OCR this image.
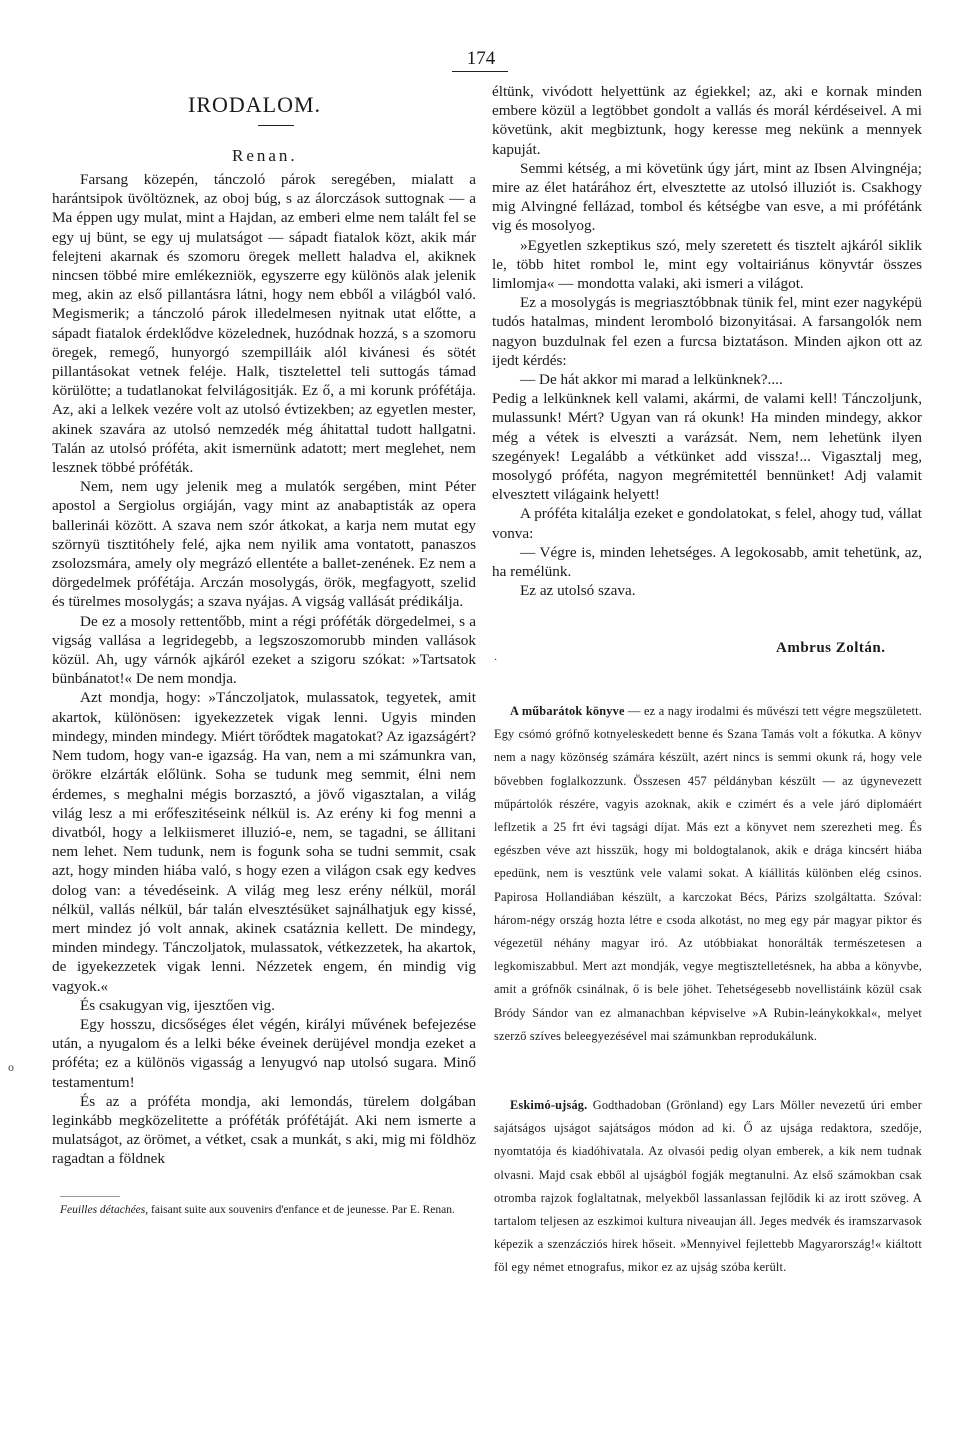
174
IRODALOM.
Renan.

Farsang közepén, tánczoló párok seregében, mialatt a harántsipok üvöltöznek, az oboj búg, s az álorczások suttognak — a Ma éppen ugy mulat, mint a Hajdan, az emberi elme nem talált fel se egy uj bünt, se egy uj mulatságot — sápadt fiatalok közt, akik már felejteni akarnak és szomoru öregek mellett haladva el, akiknek nincsen többé mire emlékezniök, egyszerre egy különös alak jelenik meg, akin az első pillantásra látni, hogy nem ebből a világból való. Megismerik; a tánczoló párok illedelmesen nyitnak utat előtte, a sápadt fiatalok érdeklődve közelednek, huzódnak hozzá, s a szomoru öregek, remegő, hunyorgó szempilláik alól kivánesi és sötét pillantásokat vetnek feléje. Halk, tisztelettel teli suttogás támad körülötte; a tudatlanokat felvilágositják. Ez ő, a mi korunk prófétája. Az, aki a lelkek vezére volt az utolsó évtizekben; az egyetlen mester, akinek szavára az utolsó nemzedék még áhitattal tudott hallgatni. Talán az utolsó próféta, akit ismernünk adatott; mert meglehet, nem lesznek többé próféták.

Nem, nem ugy jelenik meg a mulatók sergében, mint Péter apostol a Sergiolus orgiáján, vagy mint az anabaptisták az opera ballerinái között. A szava nem szór átkokat, a karja nem mutat egy szörnyü tisztitóhely felé, ajka nem nyilik ama vontatott, panaszos zsolozsmára, amely oly megrázó ellentéte a ballet-zenének. Ez nem a dörgedelmek prófétája. Arczán mosolygás, örök, megfagyott, szelid és türelmes mosolygás; a szava nyájas. A vigság vallását prédikálja.

De ez a mosoly rettentőbb, mint a régi próféták dörgedelmei, s a vigság vallása a legridegebb, a legszoszomorubb minden vallások közül. Ah, ugy várnók ajkáról ezeket a szigoru szókat: »Tartsatok bünbánatot!« De nem mondja.

Azt mondja, hogy: »Tánczoljatok, mulassatok, tegyetek, amit akartok, különösen: igyekezzetek vigak lenni. Ugyis minden mindegy, minden mindegy. Miért törődtek magatokat? Az igazságért? Nem tudom, hogy van-e igazság. Ha van, nem a mi számunkra van, örökre elzárták előlünk. Soha se tudunk meg semmit, élni nem érdemes, s meghalni mégis borzasztó, a jövő vigasztalan, a világ világ lesz a mi erőfeszitéseink nélkül is. Az erény ki fog menni a divatból, hogy a lelkiismeret illuzió-e, nem, se tagadni, se állitani nem lehet. Nem tudunk, nem is fogunk soha se tudni semmit, csak azt, hogy minden hiába való, s hogy ezen a világon csak egy kedves dolog van: a tévedéseink. A világ meg lesz erény nélkül, morál nélkül, vallás nélkül, bár talán elvesztésüket sajnálhatjuk egy kissé, mert mindez jó volt annak, akinek csatáznia kellett. De mindegy, minden mindegy. Tánczoljatok, mulassatok, vétkezzetek, ha akartok, de igyekezzetek vigak lenni. Nézzetek engem, én mindig vig vagyok.«

És csakugyan vig, ijesztően vig.

Egy hosszu, dicsőséges élet végén, királyi művének befejezése után, a nyugalom és a lelki béke éveinek derüjével mondja ezeket a próféta; ez a különös vigasság a lenyugvó nap utolsó sugara. Minő testamentum!

És az a próféta mondja, aki lemondás, türelem dolgában leginkább megközelitette a próféták prófétáját. Aki nem ismerte a mulatságot, az örömet, a vétket, csak a munkát, s aki, mig mi földhöz ragadtan a földnek

Feuilles détachées, faisant suite aux souvenirs d'enfance et de jeunesse. Par E. Renan.

éltünk, vivódott helyettünk az égiekkel; az, aki e kornak minden embere közül a legtöbbet gondolt a vallás és morál kérdéseivel. A mi követünk, akit megbiztunk, hogy keresse meg nekünk a mennyek kapuját.

Semmi kétség, a mi követünk úgy járt, mint az Ibsen Alvingnéja; mire az élet határához ért, elvesztette az utolsó illuziót is. Csakhogy mig Alvingné fellázad, tombol és kétségbe van esve, a mi prófétánk vig és mosolyog.

»Egyetlen szkeptikus szó, mely szeretett és tisztelt ajkáról siklik le, több hitet rombol le, mint egy voltairiánus könyvtár összes limlomja« — mondotta valaki, aki ismeri a világot.

Ez a mosolygás is megriasztóbbnak tünik fel, mint ezer nagyképü tudós hatalmas, mindent leromboló bizonyitásai. A farsangolók nem nagyon buzdulnak fel ezen a furcsa biztatáson. Minden ajkon ott az ijedt kérdés:

— De hát akkor mi marad a lelkünknek?....

Pedig a lelkünknek kell valami, akármi, de valami kell! Tánczoljunk, mulassunk! Mért? Ugyan van rá okunk! Ha minden mindegy, akkor még a vétek is elveszti a varázsát. Nem, nem lehetünk ilyen szegények! Legalább a vétkünket add vissza!... Vigasztalj meg, mosolygó próféta, nagyon megrémitettél bennünket! Adj valamit elvesztett világaink helyett!

A próféta kitalálja ezeket e gondolatokat, s felel, ahogy tud, vállat vonva:

— Végre is, minden lehetséges. A legokosabb, amit tehetünk, az, ha remélünk.

Ez az utolsó szava.

Ambrus Zoltán.
·

A műbarátok könyve — ez a nagy irodalmi és művészi tett végre megszületett. Egy csómó grófnő kotnyeleskedett benne és Szana Tamás volt a fókutka. A könyv nem a nagy közönség számára készült, azért nincs is semmi okunk rá, hogy vele bővebben foglalkozzunk. Összesen 457 példányban készült — az úgynevezett műpártolók részére, vagyis azoknak, akik e czimért és a vele járó diplomáért leflzetik a 25 frt évi tagsági díjat. Más ezt a könyvet nem szerezheti meg. És egészben véve azt hisszük, hogy mi boldogtalanok, akik e drága kincsért hiába epedünk, nem is vesztünk vele valami sokat. A kiállitás különben elég csinos. Papirosa Hollandiában készült, a karczokat Bécs, Párizs szolgáltatta. Szóval: három-négy ország hozta létre e csoda alkotást, no meg egy pár magyar piktor és végezetül néhány magyar iró. Az utóbbiakat honorálták természetesen a legkomiszabbul. Mert azt mondják, vegye megtisztelletésnek, ha abba a könyvbe, amit a grófnők csinálnak, ő is bele jöhet. Tehetségesebb novellistáink közül csak Bródy Sándor van ez almanachban képviselve »A Rubin-leánykokkal«, melyet szerző szíves beleegyezésével mai számunkban reprodukálunk.

Eskimó-ujság. Godthadoban (Grönland) egy Lars Möller nevezetű úri ember sajátságos ujságot sajátságos módon ad ki. Ő az ujsága redaktora, szedője, nyomtatója és kiadóhivatala. Az olvasói pedig olyan emberek, a kik nem tudnak olvasni. Majd csak ebből al ujságból fogják megtanulni. Az első számokban csak otromba rajzok foglaltatnak, melyekből lassanlassan fejlődik ki az irott szöveg. A tartalom teljesen az eszkimoi kultura niveaujan áll. Jeges medvék és iramszarvasok képezik a szenzácziós hirek hőseit. »Mennyivel fejlettebb Magyarország!« kiáltott föl egy német etnografus, mikor ez az ujság szóba került.

o
